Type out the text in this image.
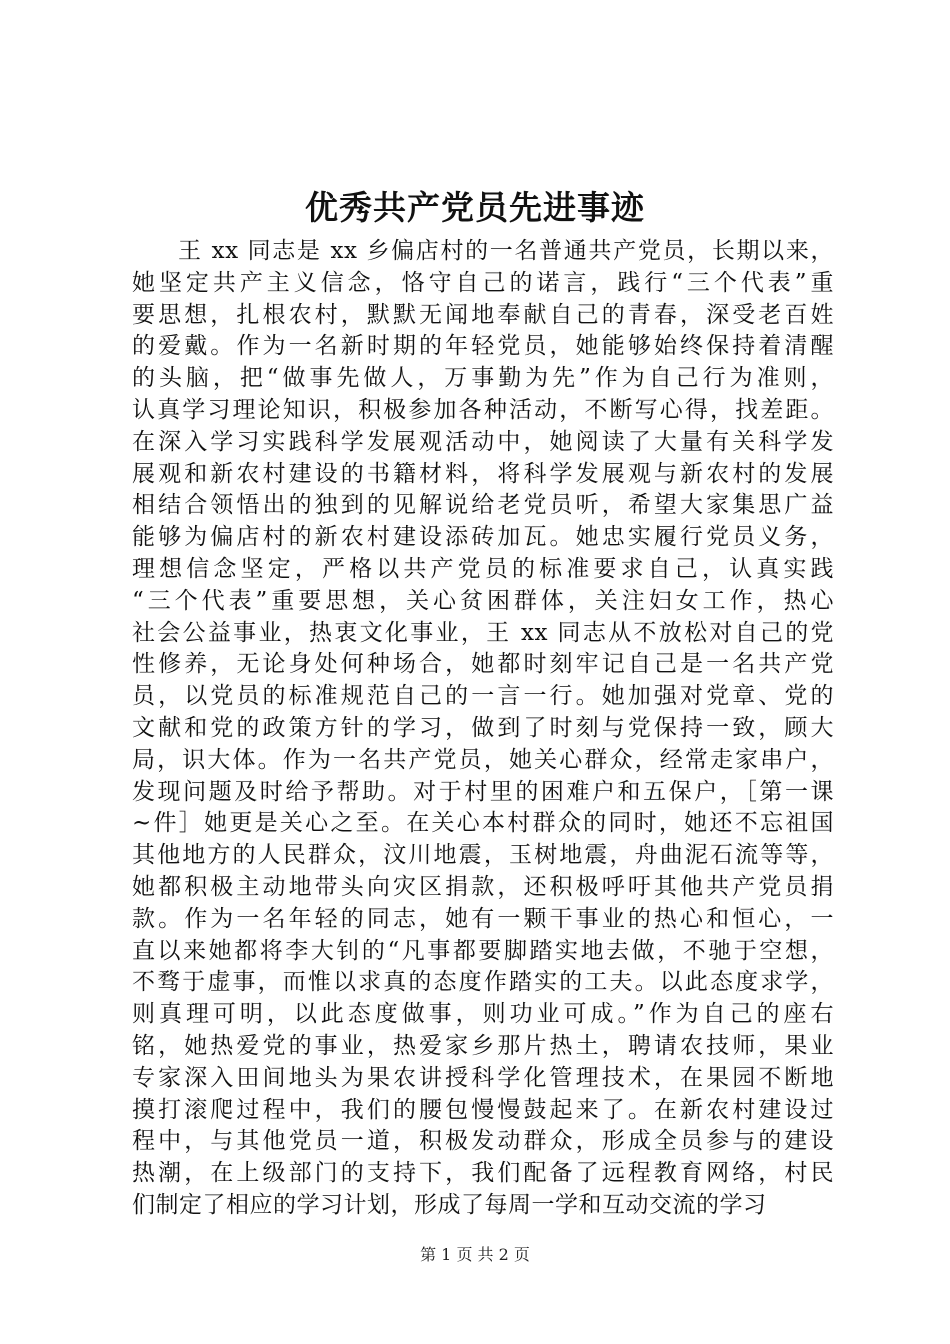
优秀共产党员先进事迹
王 xx 同志是 xx 乡偏店村的一名普通共产党员，长期以来，
她坚定共产主义信念，恪守自己的诺言，践行“三个代表”重
要思想，扎根农村，默默无闻地奉献自己的青春，深受老百姓
的爱戴。作为一名新时期的年轻党员，她能够始终保持着清醒
的头脑，把“做事先做人，万事勤为先”作为自己行为准则，
认真学习理论知识，积极参加各种活动，不断写心得，找差距。
在深入学习实践科学发展观活动中，她阅读了大量有关科学发
展观和新农村建设的书籍材料，将科学发展观与新农村的发展
相结合领悟出的独到的见解说给老党员听，希望大家集思广益
能够为偏店村的新农村建设添砖加瓦。她忠实履行党员义务，
理想信念坚定，严格以共产党员的标准要求自己，认真实践
“三个代表”重要思想，关心贫困群体，关注妇女工作，热心
社会公益事业，热衷文化事业，王 xx 同志从不放松对自己的党
性修养，无论身处何种场合，她都时刻牢记自己是一名共产党
员，以党员的标准规范自己的一言一行。她加强对党章、党的
文献和党的政策方针的学习，做到了时刻与党保持一致，顾大
局，识大体。作为一名共产党员，她关心群众，经常走家串户，
发现问题及时给予帮助。对于村里的困难户和五保户，［第一课
~件］她更是关心之至。在关心本村群众的同时，她还不忘祖国
其他地方的人民群众，汶川地震，玉树地震，舟曲泥石流等等，
她都积极主动地带头向灾区捐款，还积极呼吁其他共产党员捐
款。作为一名年轻的同志，她有一颗干事业的热心和恒心，一
直以来她都将李大钊的“凡事都要脚踏实地去做，不驰于空想，
不骛于虚事，而惟以求真的态度作踏实的工夫。以此态度求学，
则真理可明，以此态度做事，则功业可成。”作为自己的座右
铭，她热爱党的事业，热爱家乡那片热土，聘请农技师，果业
专家深入田间地头为果农讲授科学化管理技术，在果园不断地
摸打滚爬过程中，我们的腰包慢慢鼓起来了。在新农村建设过
程中，与其他党员一道，积极发动群众，形成全员参与的建设
热潮，在上级部门的支持下，我们配备了远程教育网络，村民
们制定了相应的学习计划，形成了每周一学和互动交流的学习
第 1 页 共 2 页
